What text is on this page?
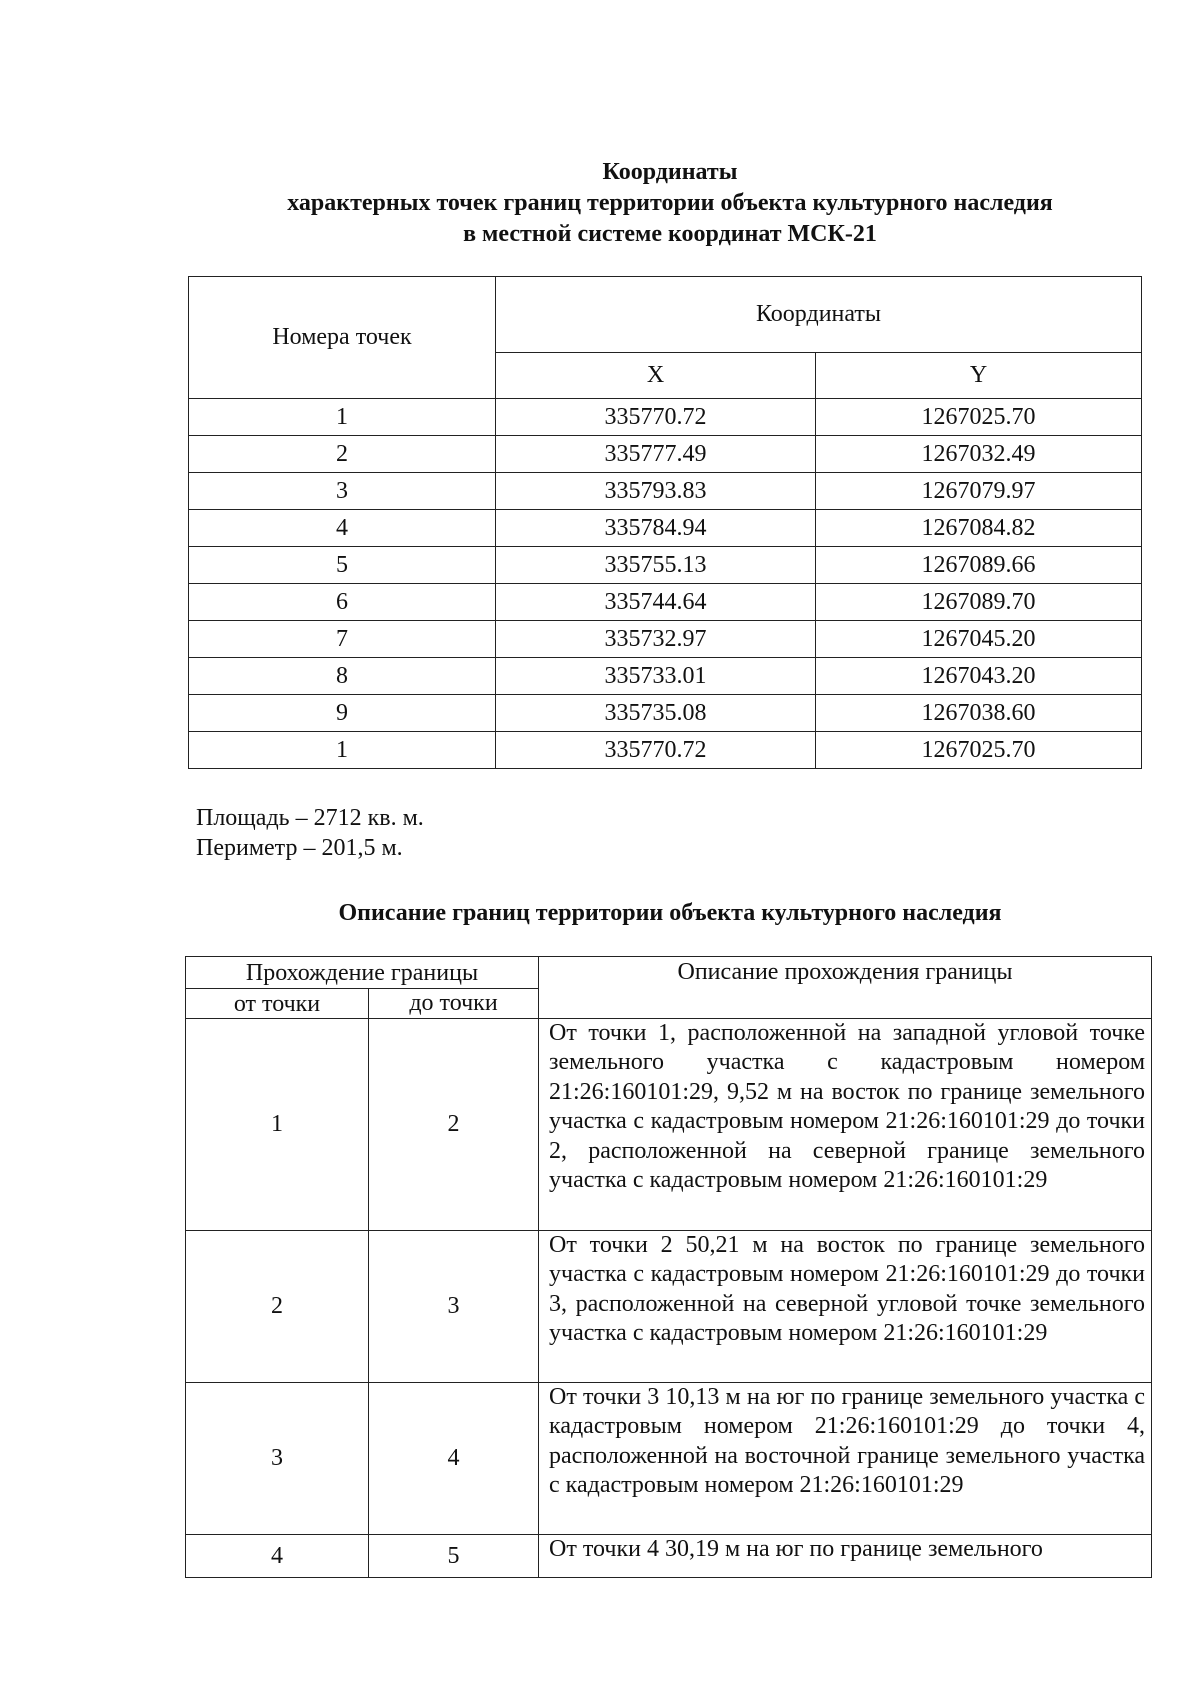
Координаты
характерных точек границ территории объекта культурного наследия
в местной системе координат МСК-21
Номера точек	Координаты	
	X	Y
1	335770.72	1267025.70
2	335777.49	1267032.49
3	335793.83	1267079.97
4	335784.94	1267084.82
5	335755.13	1267089.66
6	335744.64	1267089.70
7	335732.97	1267045.20
8	335733.01	1267043.20
9	335735.08	1267038.60
1	335770.72	1267025.70
Площадь – 2712 кв. м.
Периметр – 201,5 м.
Описание границ территории объекта культурного наследия
Прохождение границы		Описание прохождения границы
от точки	до точки	
1	2	От точки 1, расположенной на западной угловой точке земельного участка с кадастровым номером 21:26:160101:29, 9,52 м на восток по границе земельного участка с кадастровым номером 21:26:160101:29 до точки 2, расположенной на северной границе земельного участка с кадастровым номером 21:26:160101:29
2	3	От точки 2 50,21 м на восток по границе земельного участка с кадастровым номером 21:26:160101:29 до точки 3, расположенной на северной угловой точке земельного участка с кадастровым номером 21:26:160101:29
3	4	От точки 3 10,13 м на юг по границе земельного участка с кадастровым номером 21:26:160101:29 до точки 4, расположенной на восточной границе земельного участка с кадастровым номером 21:26:160101:29
4	5	От точки 4 30,19 м на юг по границе земельного
